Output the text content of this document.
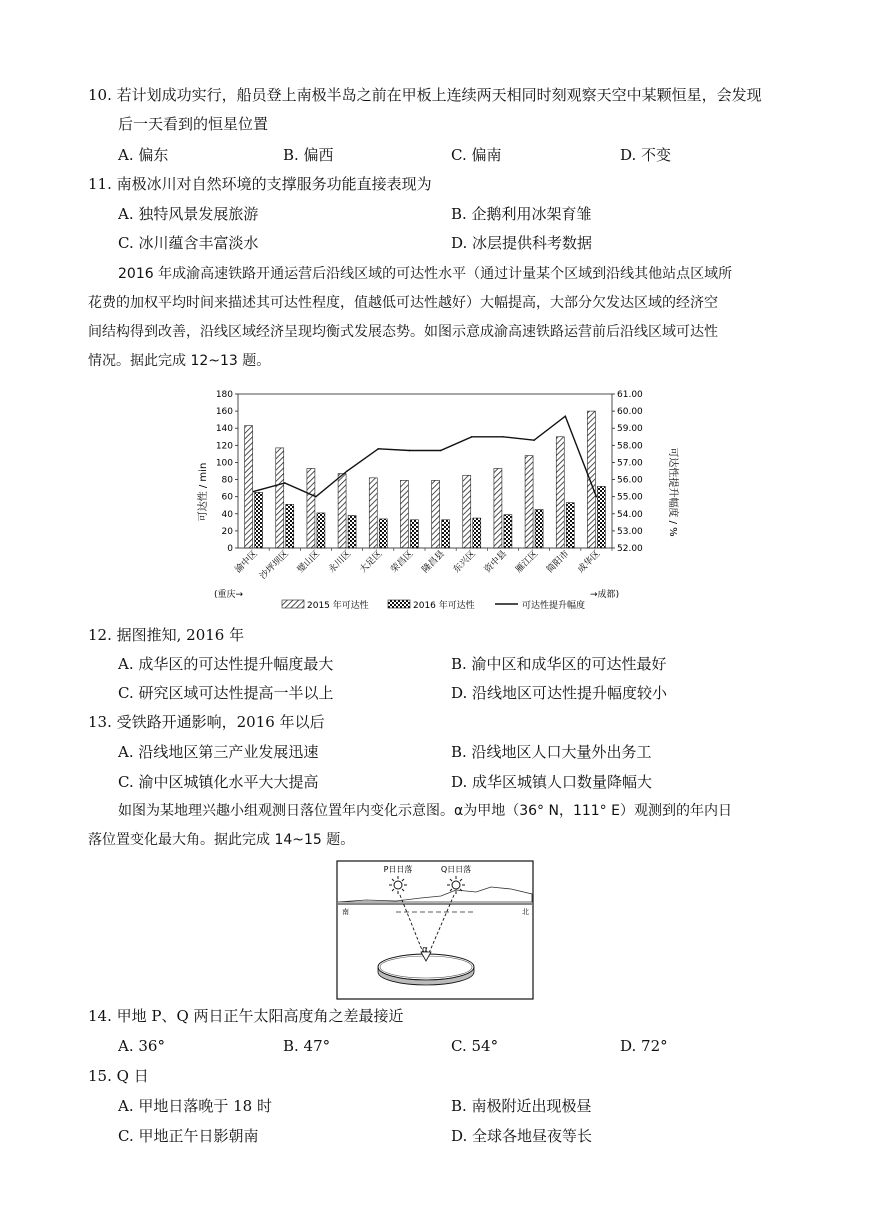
10. 若计划成功实行，船员登上南极半岛之前在甲板上连续两天相同时刻观察天空中某颗恒星，会发现
后一天看到的恒星位置
A. 偏东	B. 偏西	C. 偏南	D. 不变
11. 南极冰川对自然环境的支撑服务功能直接表现为
A. 独特风景发展旅游	B. 企鹅利用冰架育雏
C. 冰川蕴含丰富淡水	D. 冰层提供科考数据
2016 年成渝高速铁路开通运营后沿线区域的可达性水平（通过计量某个区域到沿线其他站点区域所
花费的加权平均时间来描述其可达性程度，值越低可达性越好）大幅提高，大部分欠发达区域的经济空
间结构得到改善，沿线区域经济呈现均衡式发展态势。如图示意成渝高速铁路运营前后沿线区域可达性
情况。据此完成 12~13 题。
0
20
40
60
80
100
120
140
160
180
52.00
53.00
54.00
55.00
56.00
57.00
58.00
59.00
60.00
61.00
渝中区
沙坪坝区 璧山区 永川区 大足区 荣昌区 隆昌县 东兴区 资中县 雁江区 简阳市 成华区
可达性 / min	可达性提升幅度 / %
(重庆→	→成都)
2015 年可达性	2016 年可达性	可达性提升幅度
12. 据图推知, 2016 年
A. 成华区的可达性提升幅度最大	B. 渝中区和成华区的可达性最好
C. 研究区域可达性提高一半以上	D. 沿线地区可达性提升幅度较小
13. 受铁路开通影响，2016 年以后
A. 沿线地区第三产业发展迅速	B. 沿线地区人口大量外出务工
C. 渝中区城镇化水平大大提高	D. 成华区城镇人口数量降幅大
如图为某地理兴趣小组观测日落位置年内变化示意图。α为甲地（36° N，111° E）观测到的年内日
落位置变化最大角。据此完成 14~15 题。
P日日落	Q日日落
南	北
α
14. 甲地 P、Q 两日正午太阳高度角之差最接近
A. 36°	B. 47°	C. 54°	D. 72°
15. Q 日
A. 甲地日落晚于 18 时	B. 南极附近出现极昼
C. 甲地正午日影朝南	D. 全球各地昼夜等长
